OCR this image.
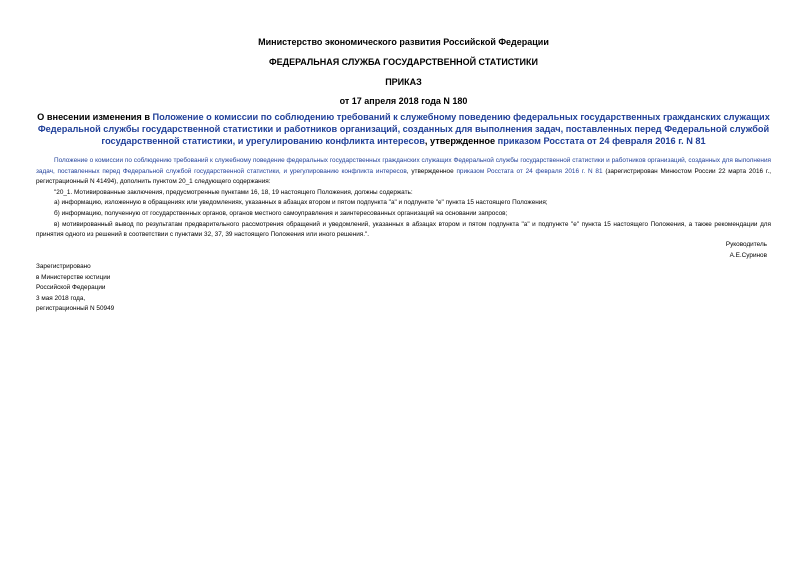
Министерство экономического развития Российской Федерации
ФЕДЕРАЛЬНАЯ СЛУЖБА ГОСУДАРСТВЕННОЙ СТАТИСТИКИ
ПРИКАЗ
от 17 апреля 2018 года N 180
О внесении изменения в Положение о комиссии по соблюдению требований к служебному поведению федеральных государственных гражданских служащих Федеральной службы государственной статистики и работников организаций, созданных для выполнения задач, поставленных перед Федеральной службой государственной статистики, и урегулированию конфликта интересов, утвержденное приказом Росстата от 24 февраля 2016 г. N 81

Положение о комиссии по соблюдению требований к служебному поведение федеральных государственных гражданских служащих Федеральной службы государственной статистики и работников организаций, созданных для выполнения задач, поставленных перед Федеральной службой государственной статистики, и урегулированию конфликта интересов, утвержденное приказом Росстата от 24 февраля 2016 г. N 81 (зарегистрирован Минюстом России 22 марта 2016 г., регистрационный N 41494), дополнить пунктом 20_1 следующего содержания:

"20_1. Мотивированные заключения, предусмотренные пунктами 16, 18, 19 настоящего Положения, должны содержать:

а) информацию, изложенную в обращениях или уведомлениях, указанных в абзацах втором и пятом подпункта "а" и подпункте "е" пункта 15 настоящего Положения;

б) информацию, полученную от государственных органов, органов местного самоуправления и заинтересованных организаций на основании запросов;

в) мотивированный вывод по результатам предварительного рассмотрения обращений и уведомлений, указанных в абзацах втором и пятом подпункта "а" и подпункте "е" пункта 15 настоящего Положения, а также рекомендации для принятия одного из решений в соответствии с пунктами 32, 37, 39 настоящего Положения или иного решения.".

Руководитель
А.Е.Суринов
Зарегистрировано
в Министерстве юстиции
Российской Федерации
3 мая 2018 года,
регистрационный N 50949
